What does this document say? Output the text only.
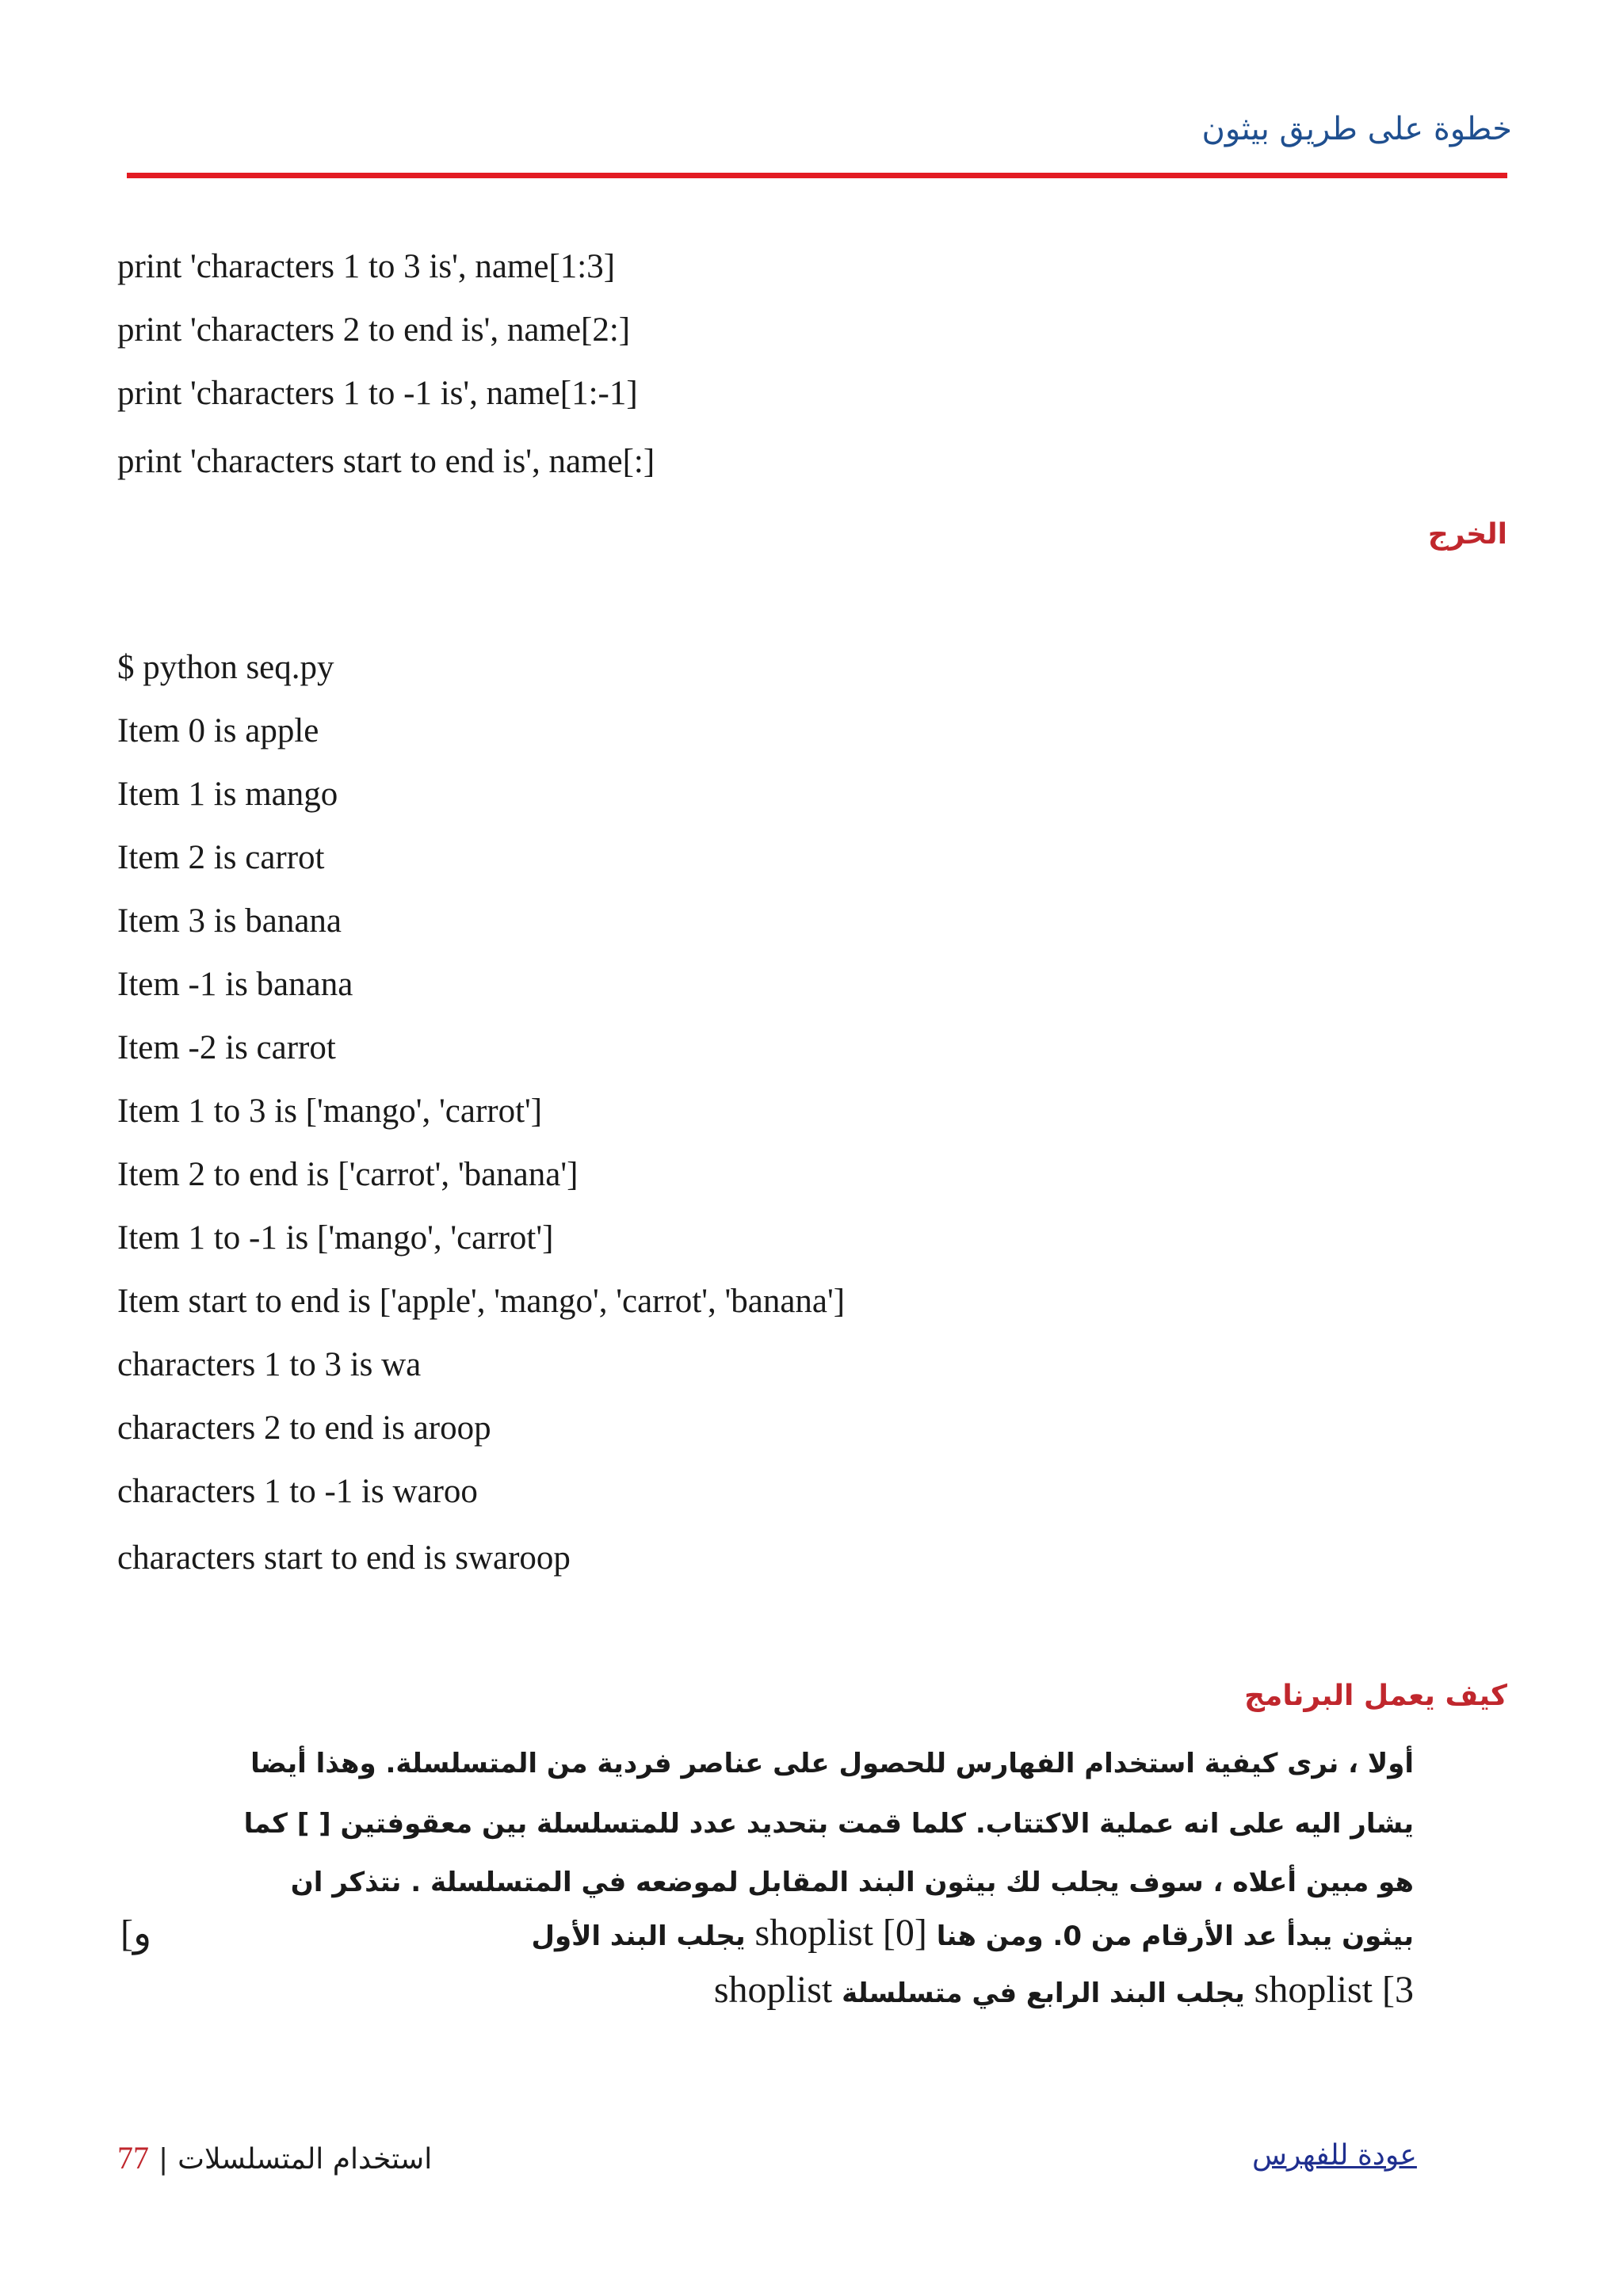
خطوة على طريق بيثون
print 'characters 1 to 3 is', name[1:3]
print 'characters 2 to end is', name[2:]
print 'characters 1 to -1 is', name[1:-1]
print 'characters start to end is', name[:]
الخرج
$ python seq.py
Item 0 is apple
Item 1 is mango
Item 2 is carrot
Item 3 is banana
Item -1 is banana
Item -2 is carrot
Item 1 to 3 is ['mango', 'carrot']
Item 2 to end is ['carrot', 'banana']
Item 1 to -1 is ['mango', 'carrot']
Item start to end is ['apple', 'mango', 'carrot', 'banana']
characters 1 to 3 is wa
characters 2 to end is aroop
characters 1 to -1 is waroo
characters start to end is swaroop
كيف يعمل البرنامج
أولا ، نرى كيفية استخدام الفهارس للحصول على عناصر فردية من المتسلسلة. وهذا أيضا
يشار اليه على انه عملية الاكتتاب. كلما قمت بتحديد عدد للمتسلسلة بين معقوفتين [ ] كما
هو مبين أعلاه ، سوف يجلب لك بيثون البند المقابل لموضعه في المتسلسلة . نتذكر ان
بيثون يبدأ عد الأرقام من 0. ومن هنا shoplist [0] يجلب البند الأول
و]
shoplist [3 يجلب البند الرابع في متسلسلة shoplist
77 | استخدام المتسلسلات	عودة للفهرس
